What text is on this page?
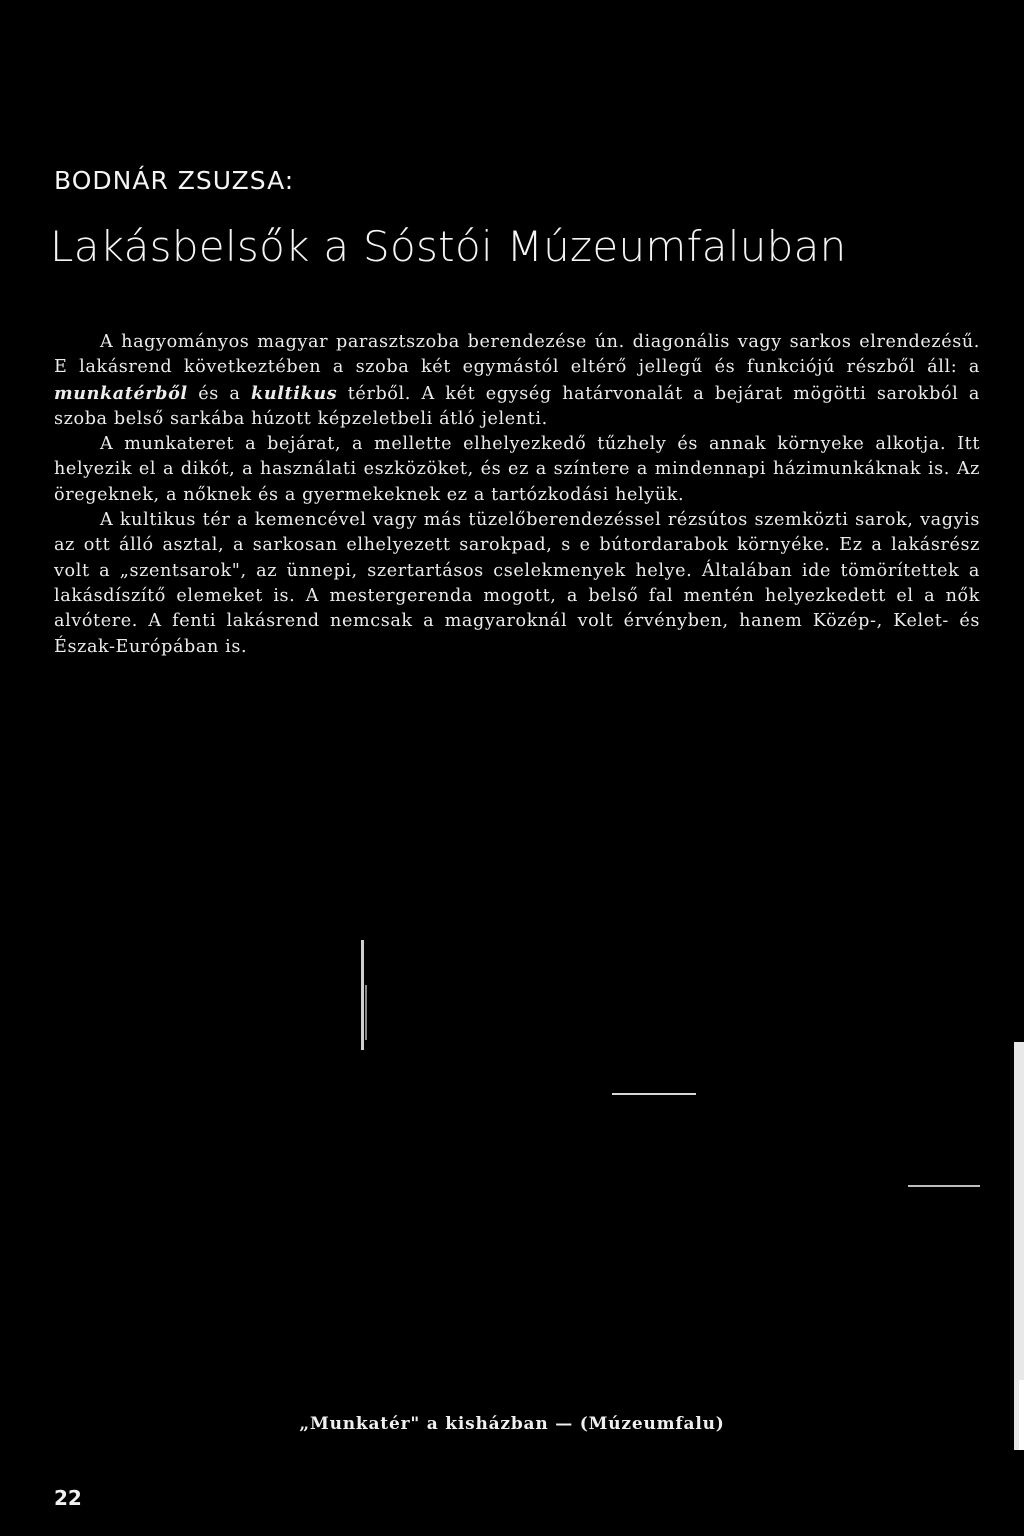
BODNÁR ZSUZSA:
Lakásbelsők a Sóstói Múzeumfaluban

A hagyományos magyar parasztszoba berendezése ún. diagonális vagy sarkos elrendezésű. E lakásrend következtében a szoba két egymástól eltérő jellegű és funkciójú részből áll: a munkatérből és a kultikus térből. A két egység határvonalát a bejárat mögötti sarokból a szoba belső sarkába húzott képzeletbeli átló jelenti.

A munkateret a bejárat, a mellette elhelyezkedő tűzhely és annak környeke alkotja. Itt helyezik el a dikót, a használati eszközöket, és ez a színtere a mindennapi házimunkáknak is. Az öregeknek, a nőknek és a gyermekeknek ez a tartózkodási helyük.

A kultikus tér a kemencével vagy más tüzelőberendezéssel rézsútos szemközti sarok, vagyis az ott álló asztal, a sarkosan elhelyezett sarokpad, s e bútordarabok környéke. Ez a lakásrész volt a „szentsarok", az ünnepi, szertartásos cselekmenyek helye. Általában ide tömörítettek a lakásdíszítő elemeket is. A mestergerenda mogott, a belső fal mentén helyezkedett el a nők alvótere. A fenti lakásrend nemcsak a magyaroknál volt érvényben, hanem Közép-, Kelet- és Észak-Európában is.

„Munkatér" a kisházban — (Múzeumfalu)
22
